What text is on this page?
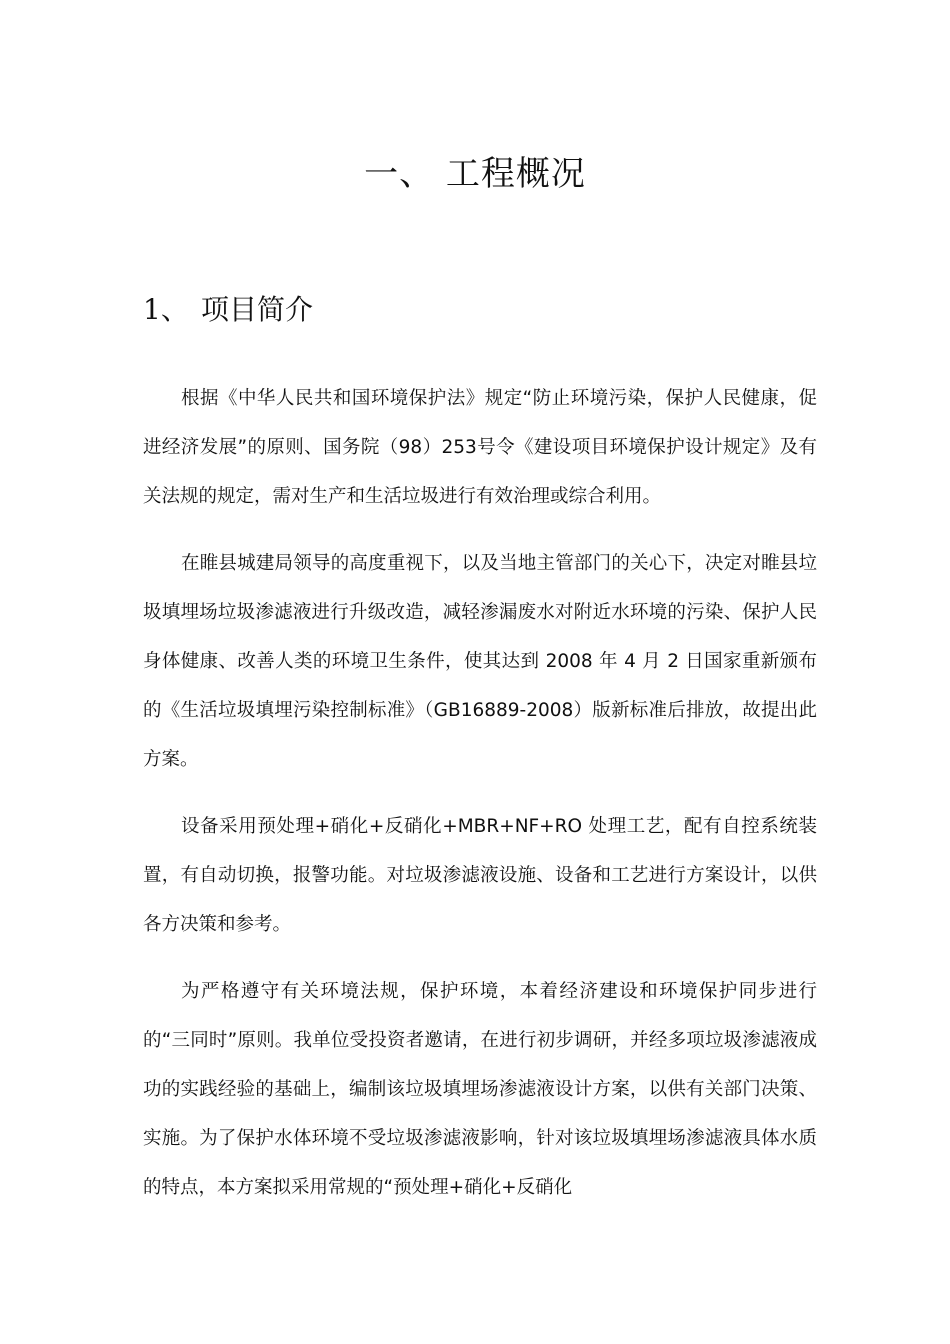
一、 工程概况
1、 项目简介

根据《中华人民共和国环境保护法》规定“防止环境污染，保护人民健康，促进经济发展”的原则、国务院（98）253号令《建设项目环境保护设计规定》及有关法规的规定，需对生产和生活垃圾进行有效治理或综合利用。

在睢县城建局领导的高度重视下，以及当地主管部门的关心下，决定对睢县垃圾填埋场垃圾渗滤液进行升级改造，减轻渗漏废水对附近水环境的污染、保护人民身体健康、改善人类的环境卫生条件，使其达到 2008 年 4 月 2 日国家重新颁布的《生活垃圾填埋污染控制标准》（GB16889-2008）版新标准后排放，故提出此方案。

设备采用预处理+硝化+反硝化+MBR+NF+RO 处理工艺，配有自控系统装置，有自动切换，报警功能。对垃圾渗滤液设施、设备和工艺进行方案设计，以供各方决策和参考。

为严格遵守有关环境法规，保护环境，本着经济建设和环境保护同步进行的“三同时”原则。我单位受投资者邀请，在进行初步调研，并经多项垃圾渗滤液成功的实践经验的基础上，编制该垃圾填埋场渗滤液设计方案，以供有关部门决策、实施。为了保护水体环境不受垃圾渗滤液影响，针对该垃圾填埋场渗滤液具体水质的特点，本方案拟采用常规的“预处理+硝化+反硝化
